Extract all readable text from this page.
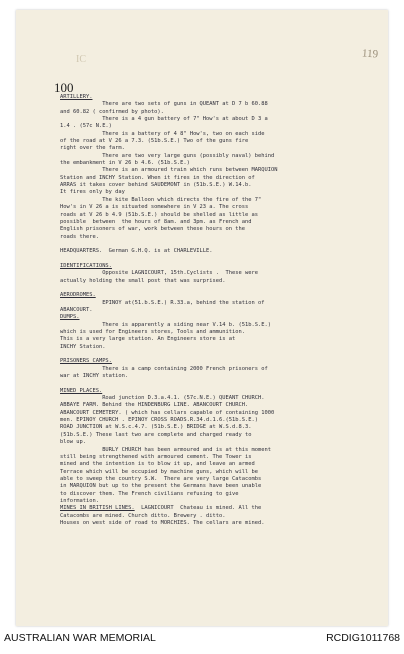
IC	119
100
ARTILLERY.
There are two sets of guns in QUEANT at D 7 b 60.88
and 60.82 ( confirmed by photo).
There is a 4 gun battery of 7" How's at about D 3 a
1.4 . (57c N.E.)
There is a battery of 4 8" How's, two on each side
of the road at V 26 a 7.3. (51b.S.E.) Two of the guns fire
right over the farm.
There are two very large guns (possibly naval) behind
the embankment in V 26 b 4.6. (51b.S.E.)
There is an armoured train which runs between MARQUION
Station and INCHY Station. When it fires in the direction of
ARRAS it takes cover behind SAUDEMONT in (51b.S.E.) W.14.b.
It fires only by day
The kite Balloon which directs the fire of the 7"
How's in V 26 a is situated somewhere in V 23 a. The cross
roads at V 26 b 4.9 (51b.S.E.) should be shelled as little as
possible  between  the hours of 8am. and 3pm. as French and
English prisoners of war, work between these hours on the
roads there.

HEADQUARTERS.  German G.H.Q. is at CHARLEVILLE.

IDENTIFICATIONS.
Opposite LAGNICOURT, 15th.Cyclists .  These were
actually holding the small post that was surprised.

AERODROMES.
EPINOY at(51.b.S.E.) R.33.a, behind the station of
ABANCOURT.
DUMPS.
There is apparently a siding near V.14 b. (51b.S.E.)
which is used for Engineers stores, Tools and ammunition.
This is a very large station. An Engineers store is at
INCHY Station.

PRISONERS CAMPS.
There is a camp containing 2000 French prisoners of
war at INCHY station.

MINED PLACES.
Road junction D.3.a.4.1. (57c.N.E.) QUEANT CHURCH.
ABBAYE FARM. Behind the HINDENBURG LINE. ABANCOURT CHURCH.
ABANCOURT CEMETERY. ( which has cellars capable of containing 1000
men. EPINOY CHURCH . EPINOY CROSS ROADS.R.34.d.1.6.(51b.S.E.)
ROAD JUNCTION at W.S.c.4.7. (51b.S.E.) BRIDGE at W.S.d.8.3.
(51b.S.E.) These last two are complete and charged ready to
blow up.
BURLY CHURCH has been armoured and is at this moment
still being strengthened with armoured cement. The Tower is
mined and the intention is to blow it up, and leave an armed
Terrace which will be occupied by machine guns, which will be
able to sweep the country S.W.  There are very large Catacombs
in MARQUION but up to the present the Germans have been unable
to discover them. The French civilians refusing to give
information.
MINES IN BRITISH LINES.  LAGNICOURT  Chateau is mined. All the
Catacombs are mined. Church ditto. Brewery . ditto.
Houses on west side of road to MORCHIES. The cellars are mined.
AUSTRALIAN WAR MEMORIAL	RCDIG1011768
